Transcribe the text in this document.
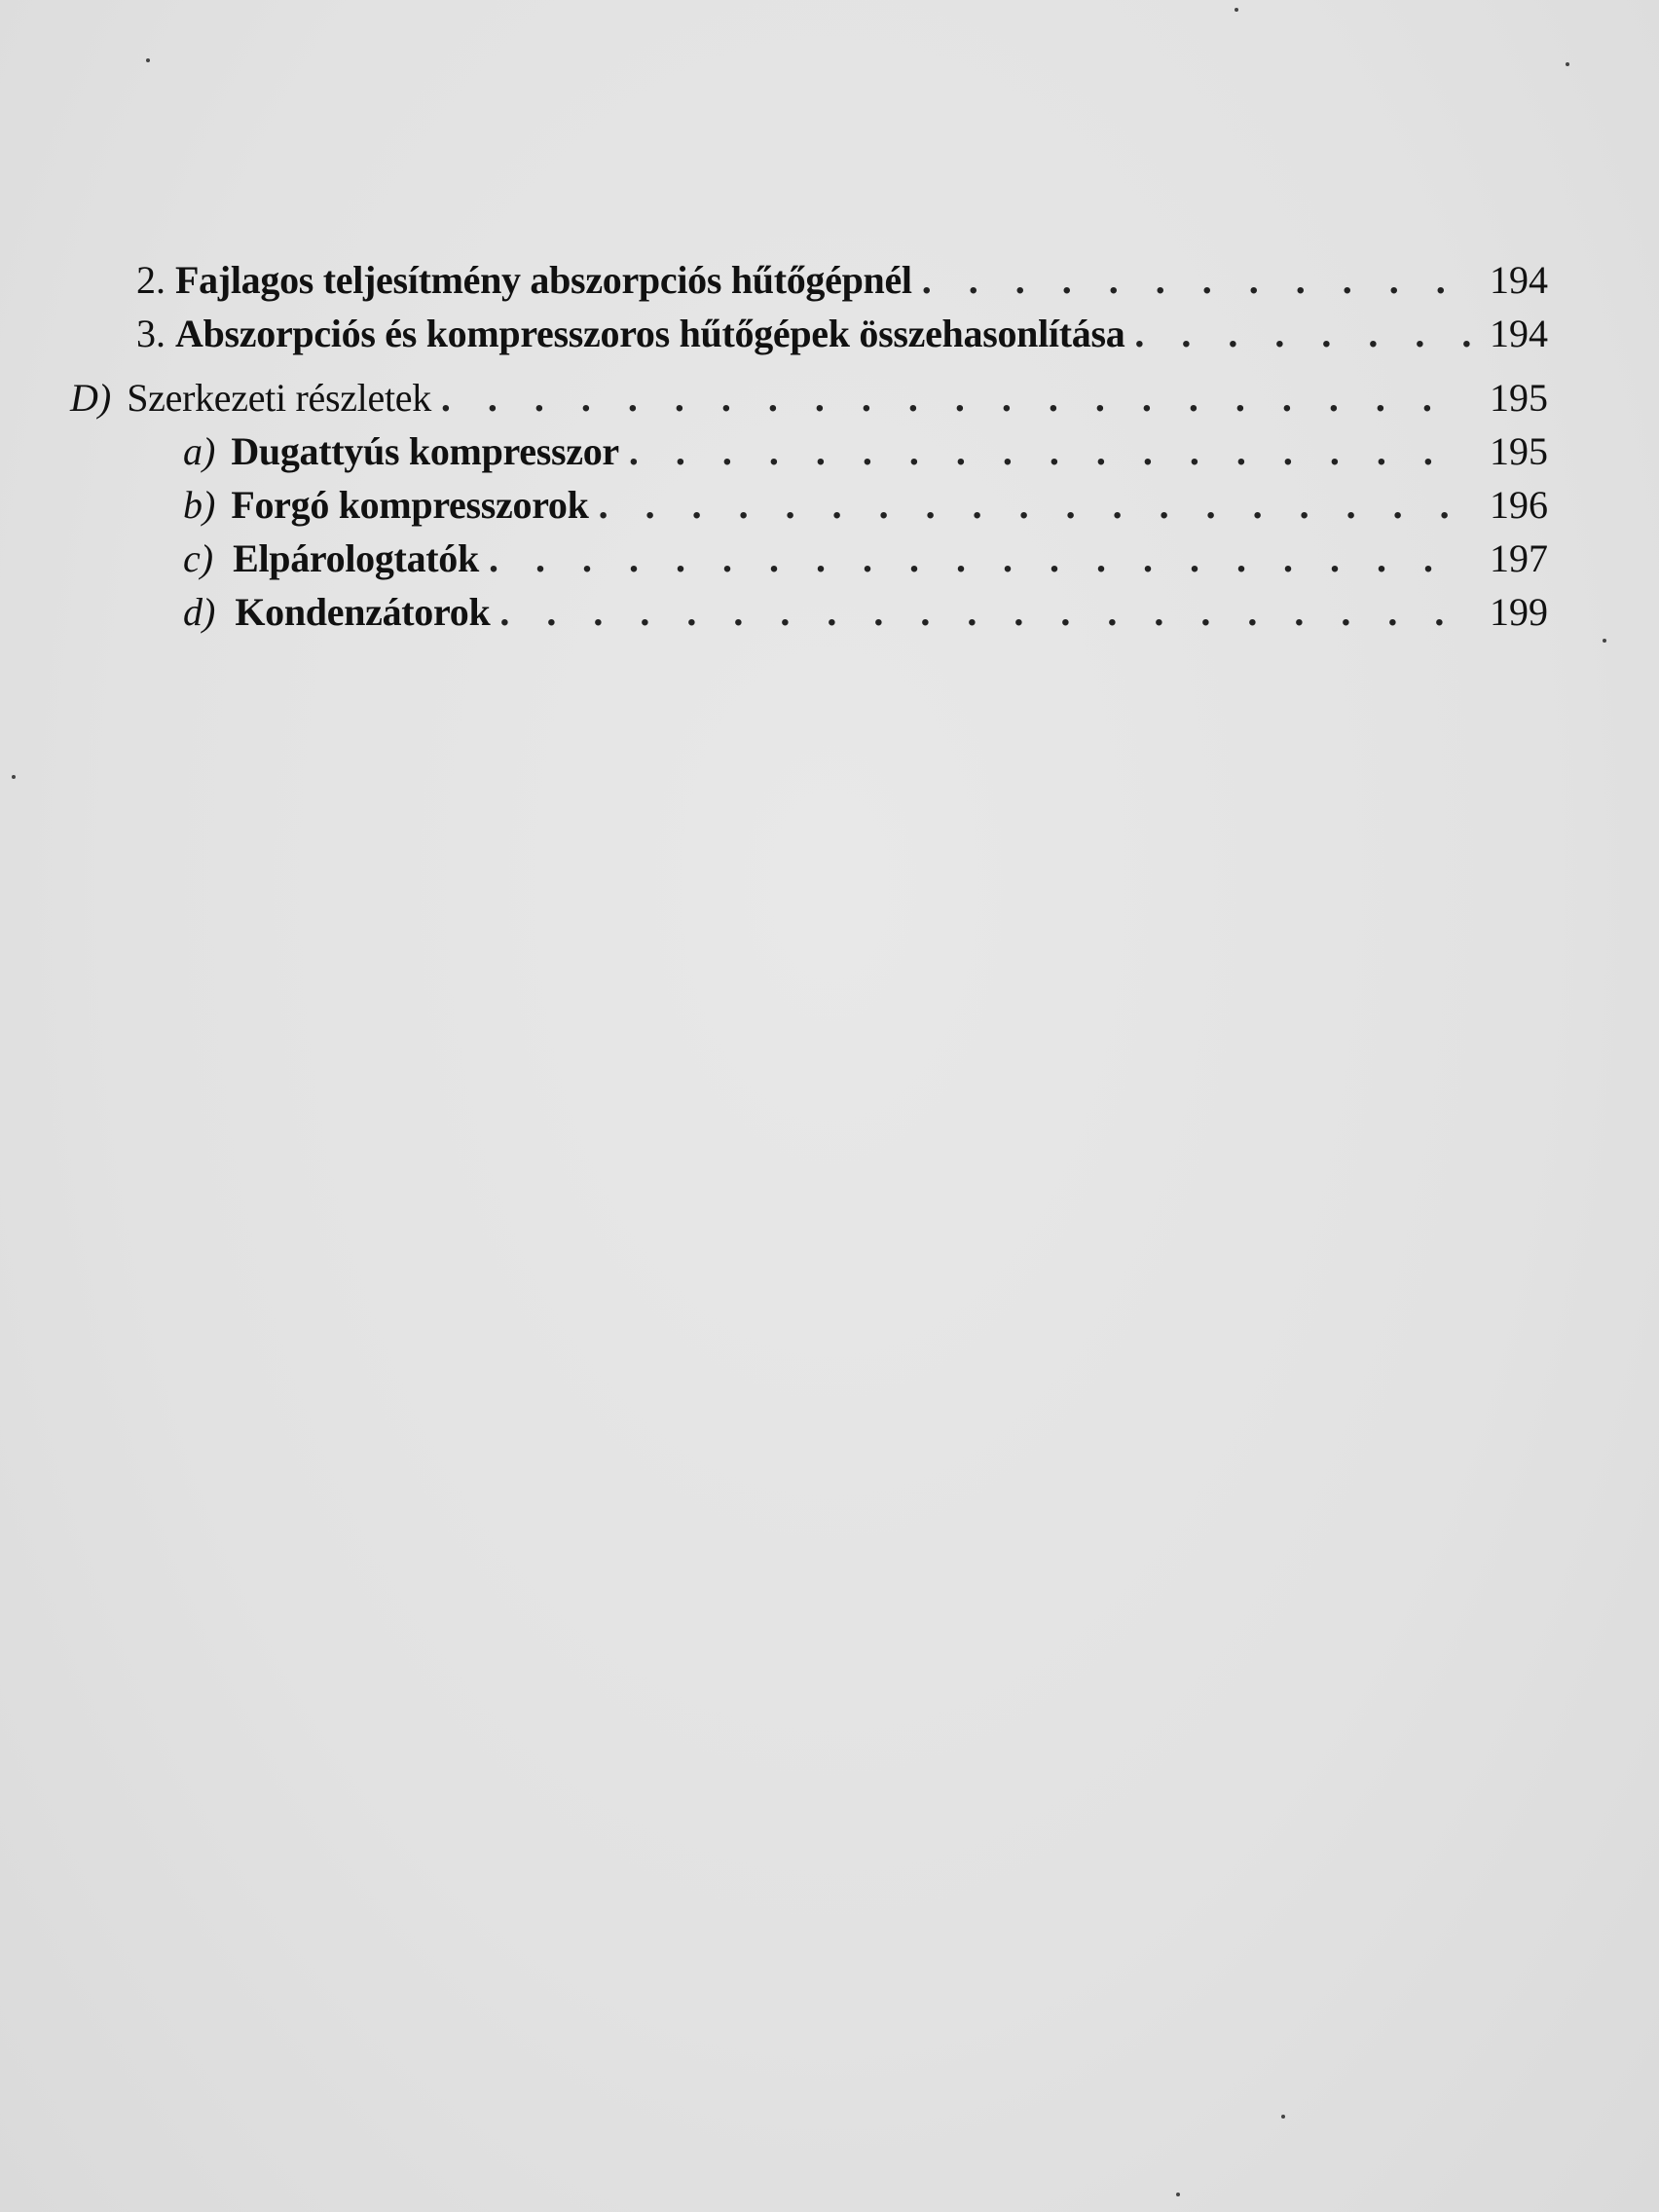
2. Fajlagos teljesítmény abszorpciós hűtőgépnél . . .	194
3. Abszorpciós és kompresszoros hűtőgépek összehasonlítása . . .	194
D) Szerkezeti részletek . . .	195
a) Dugattyús kompresszor . . .	195
b) Forgó kompresszorok . . .	196
c) Elpárologtatók . . .	197
d) Kondenzátorok . . .	199
